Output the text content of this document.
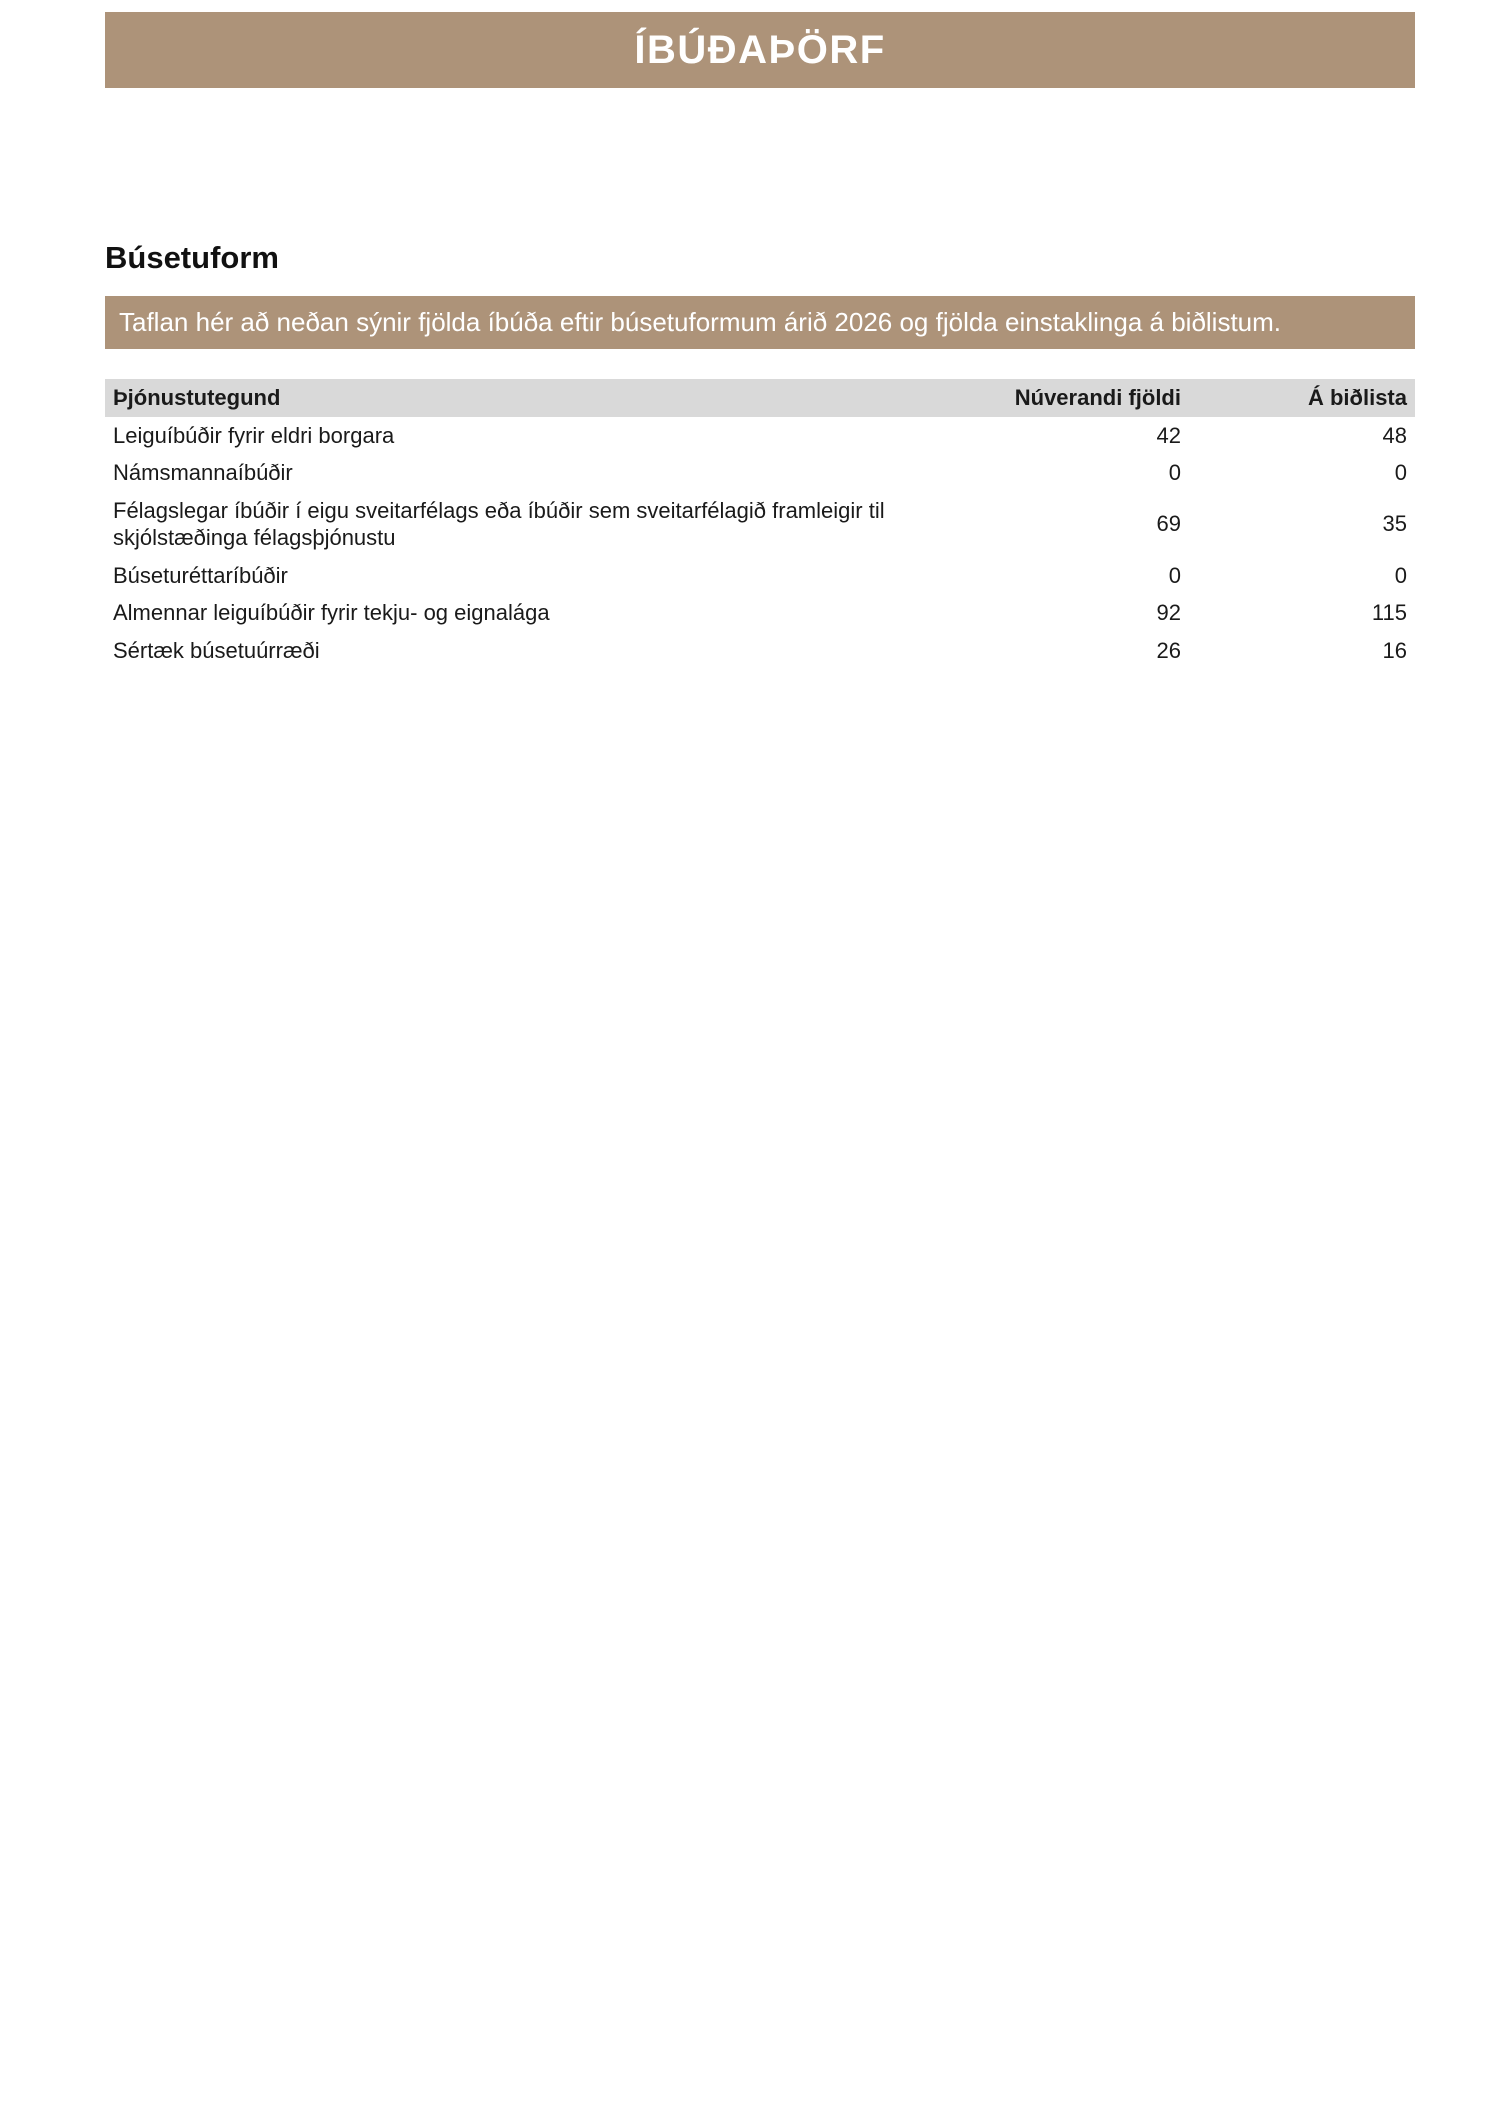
ÍBÚÐAÞÖRF
Búsetuform
Taflan hér að neðan sýnir fjölda íbúða eftir búsetuformum árið 2026 og fjölda einstaklinga á biðlistum.
Þjónustutegund	Núverandi fjöldi	Á biðlista
Leiguíbúðir fyrir eldri borgara	42	48
Námsmannaíbúðir	0	0
Félagslegar íbúðir í eigu sveitarfélags eða íbúðir sem sveitarfélagið framleigir til skjólstæðinga félagsþjónustu	69	35
Búseturéttaríbúðir	0	0
Almennar leiguíbúðir fyrir tekju- og eignalága	92	115
Sértæk búsetuúrræði	26	16
